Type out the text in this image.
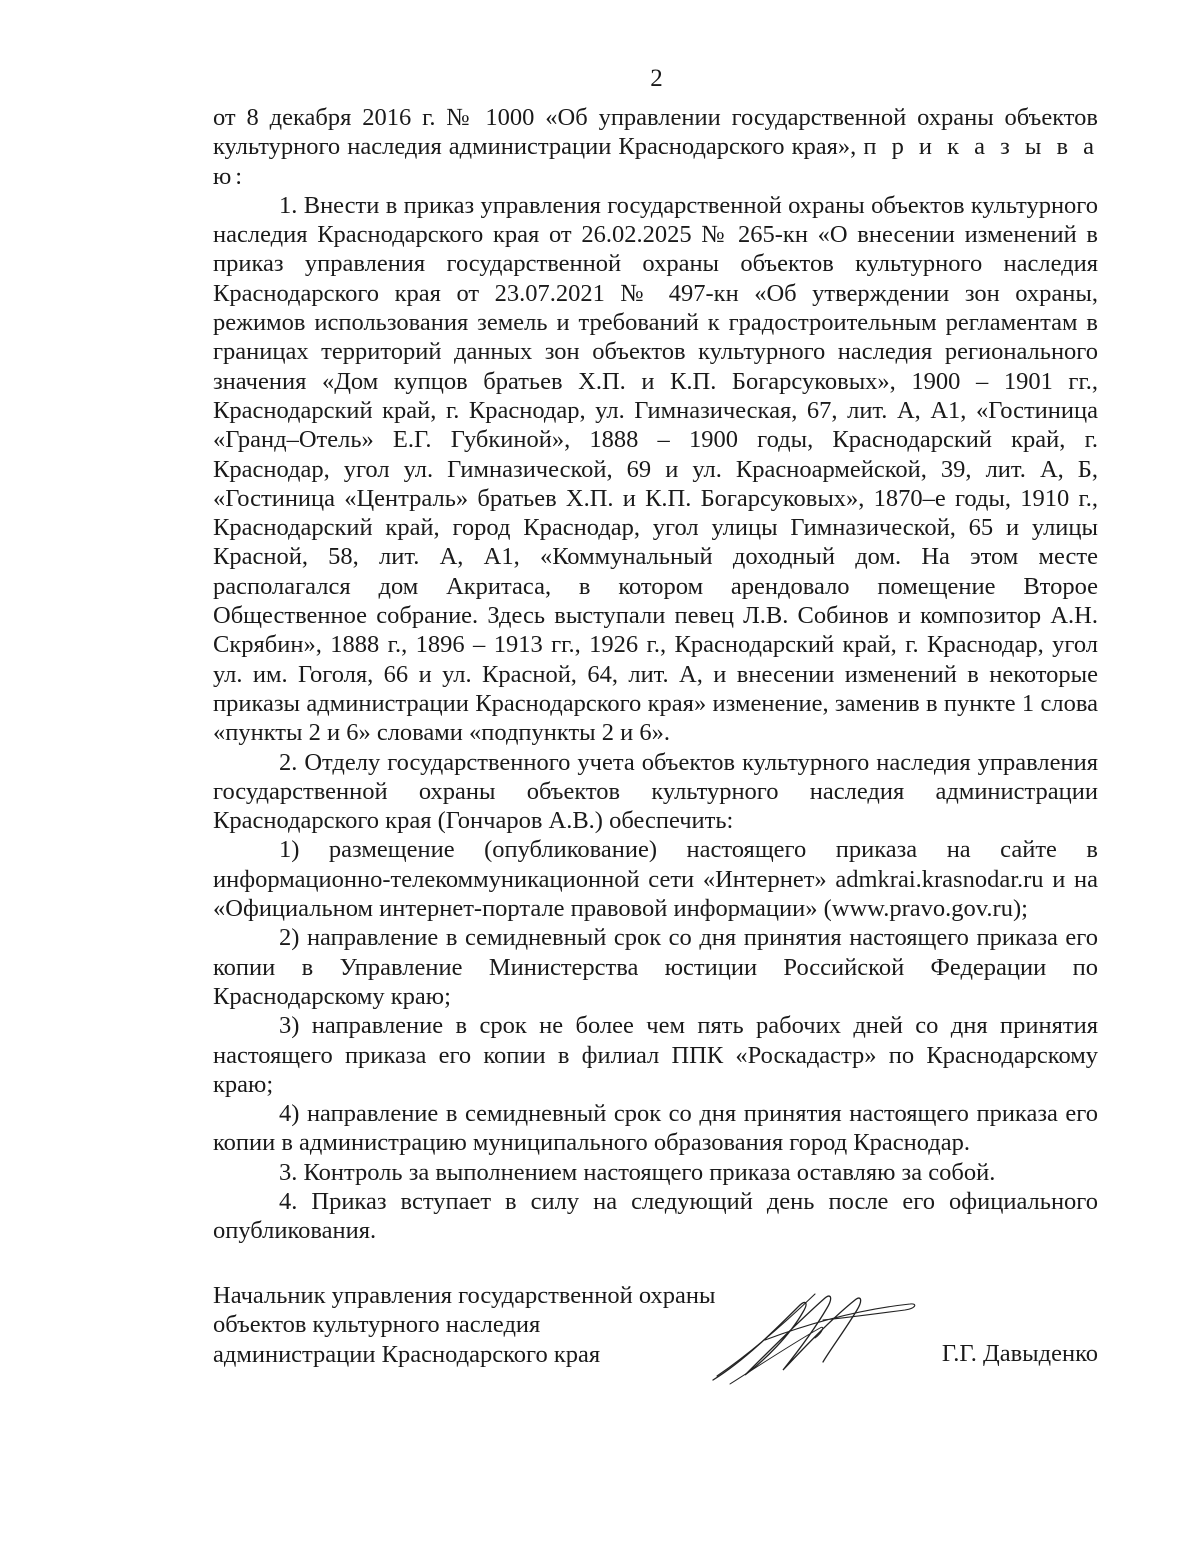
2

от 8 декабря 2016 г. № 1000 «Об управлении государственной охраны объектов культурного наследия администрации Краснодарского края», п р и к а з ы в а ю:

1. Внести в приказ управления государственной охраны объектов культурного наследия Краснодарского края от 26.02.2025 № 265-кн «О внесении изменений в приказ управления государственной охраны объектов культурного наследия Краснодарского края от 23.07.2021 № 497-кн «Об утверждении зон охраны, режимов использования земель и требований к градостроительным регламентам в границах территорий данных зон объектов культурного наследия регионального значения «Дом купцов братьев Х.П. и К.П. Богарсуковых», 1900 – 1901 гг., Краснодарский край, г. Краснодар, ул. Гимназическая, 67, лит. А, А1, «Гостиница «Гранд–Отель» Е.Г. Губкиной», 1888 – 1900 годы, Краснодарский край, г. Краснодар, угол ул. Гимназической, 69 и ул. Красноармейской, 39, лит. А, Б, «Гостиница «Централь» братьев Х.П. и К.П. Богарсуковых», 1870–е годы, 1910 г., Краснодарский край, город Краснодар, угол улицы Гимназической, 65 и улицы Красной, 58, лит. А, А1, «Коммунальный доходный дом. На этом месте располагался дом Акритаса, в котором арендовало помещение Второе Общественное собрание. Здесь выступали певец Л.В. Собинов и композитор А.Н. Скрябин», 1888 г., 1896 – 1913 гг., 1926 г., Краснодарский край, г. Краснодар, угол ул. им. Гоголя, 66 и ул. Красной, 64, лит. А, и внесении изменений в некоторые приказы администрации Краснодарского края» изменение, заменив в пункте 1 слова «пункты 2 и 6» словами «подпункты 2 и 6».

2. Отделу государственного учета объектов культурного наследия управления государственной охраны объектов культурного наследия администрации Краснодарского края (Гончаров А.В.) обеспечить:

1) размещение (опубликование) настоящего приказа на сайте в информационно-телекоммуникационной сети «Интернет» admkrai.krasnodar.ru и на «Официальном интернет-портале правовой информации» (www.pravo.gov.ru);

2) направление в семидневный срок со дня принятия настоящего приказа его копии в Управление Министерства юстиции Российской Федерации по Краснодарскому краю;

3) направление в срок не более чем пять рабочих дней со дня принятия настоящего приказа его копии в филиал ППК «Роскадастр» по Краснодарскому краю;

4) направление в семидневный срок со дня принятия настоящего приказа его копии в администрацию муниципального образования город Краснодар.

3. Контроль за выполнением настоящего приказа оставляю за собой.

4. Приказ вступает в силу на следующий день после его официального опубликования.

Начальник управления государственной охраны
объектов культурного наследия
администрации Краснодарского края	Г.Г. Давыденко
